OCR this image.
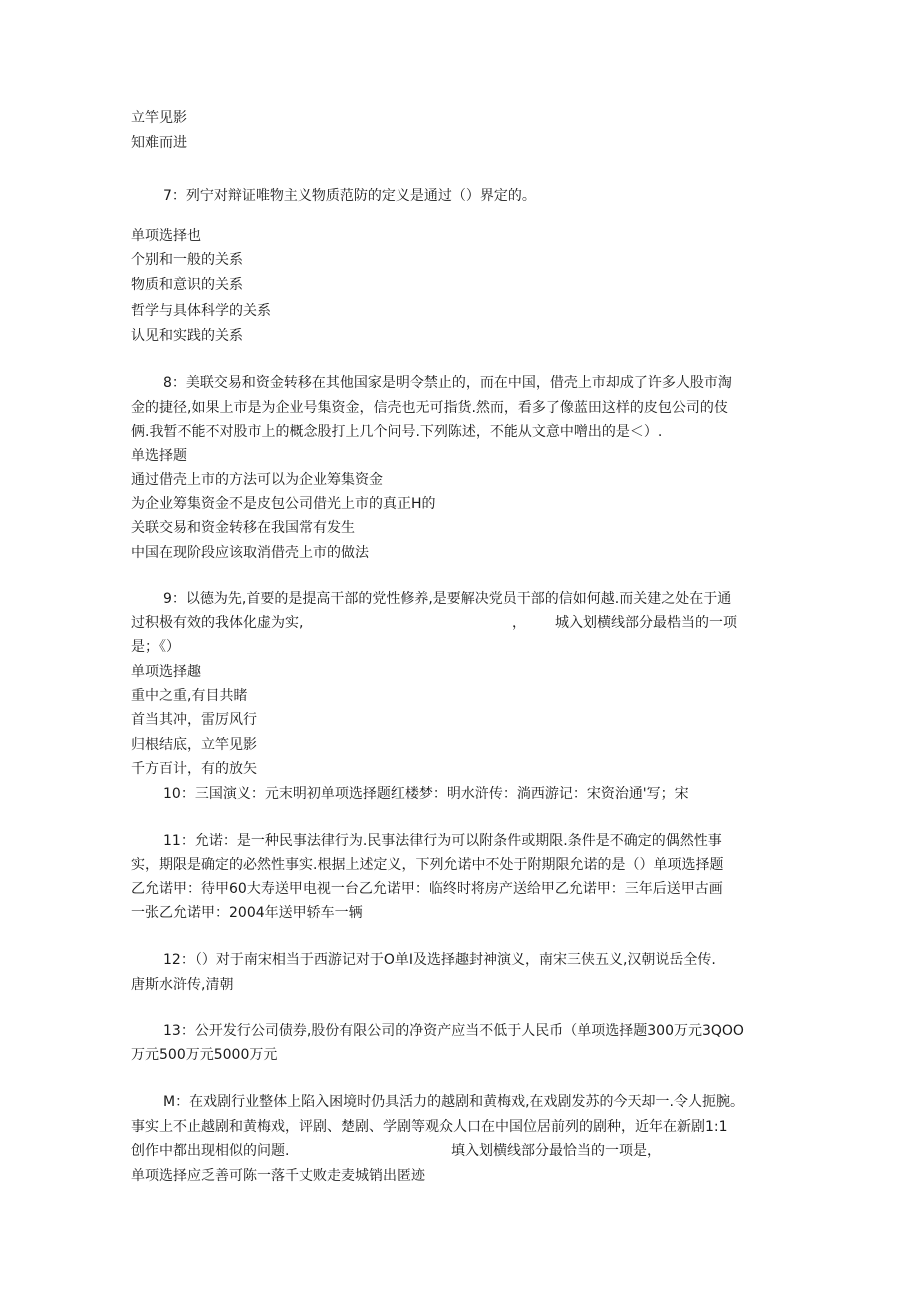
立竿见影
知难而进
7：列宁对辩证唯物主义物质范防的定义是通过（）界定的。
单项选择也
个别和一般的关系
物质和意识的关系
哲学与具体科学的关系
认见和实践的关系
8：美联交易和资金转移在其他国家是明令禁止的，而在中国，借壳上市却成了许多人股市淘
金的捷径,如果上市是为企业号集资金，信壳也无可指货.然而，看多了像蓝田这样的皮包公司的伎
俩.我暂不能不对股市上的概念股打上几个问号.下列陈述，不能从文意中噌出的是＜）.
单选择题
通过借壳上市的方法可以为企业筹集资金
为企业筹集资金不是皮包公司借光上市的真正H的
关联交易和资金转移在我国常有发生
中国在现阶段应该取消借壳上市的做法
9：以德为先,首要的是提高干部的党性修养,是要解决党员干部的信如何越.而关建之处在于通
过积极有效的我体化虚为实,	， 城入划横线部分最梏当的一项
是；《）
单项选择趣
重中之重,有目共睹
首当其冲，雷厉风行
归根结底，立竿见影
千方百计，有的放矢
10：三国演义：元末明初单项选择题红楼梦：明水浒传：淌西游记：宋资治通'写；宋
11：允诺：是一种民事法律行为.民事法律行为可以附条件或期限.条件是不确定的偶然性事
实，期限是确定的必然性事实.根据上述定义，下列允诺中不处于附期限允诺的是（）单项选择题
乙允诺甲：待甲60大寿送甲电视一台乙允诺甲：临终时将房产送给甲乙允诺甲：三年后送甲古画
一张乙允诺甲：2004年送甲轿车一辆
12：（）对于南宋相当于西游记对于O单I及选择趣封神演义，南宋三侠五义,汉朝说岳全传.
唐斯水浒传,清朝
13：公开发行公司债券,股份有限公司的净资产应当不低于人民币（单项选择题300万元3QOO
万元500万元5000万元
M：在戏剧行业整体上陷入困境时仍具活力的越剧和黄梅戏,在戏剧发苏的今天却一.令人扼腕。
事实上不止越剧和黄梅戏，评剧、楚剧、学剧等观众人口在中国位居前列的剧种，近年在新剧1:1
创作中都出现相似的问题.	填入划横线部分最恰当的一项是，
单项选择应乏善可陈一落千丈败走麦城销出匿迹
